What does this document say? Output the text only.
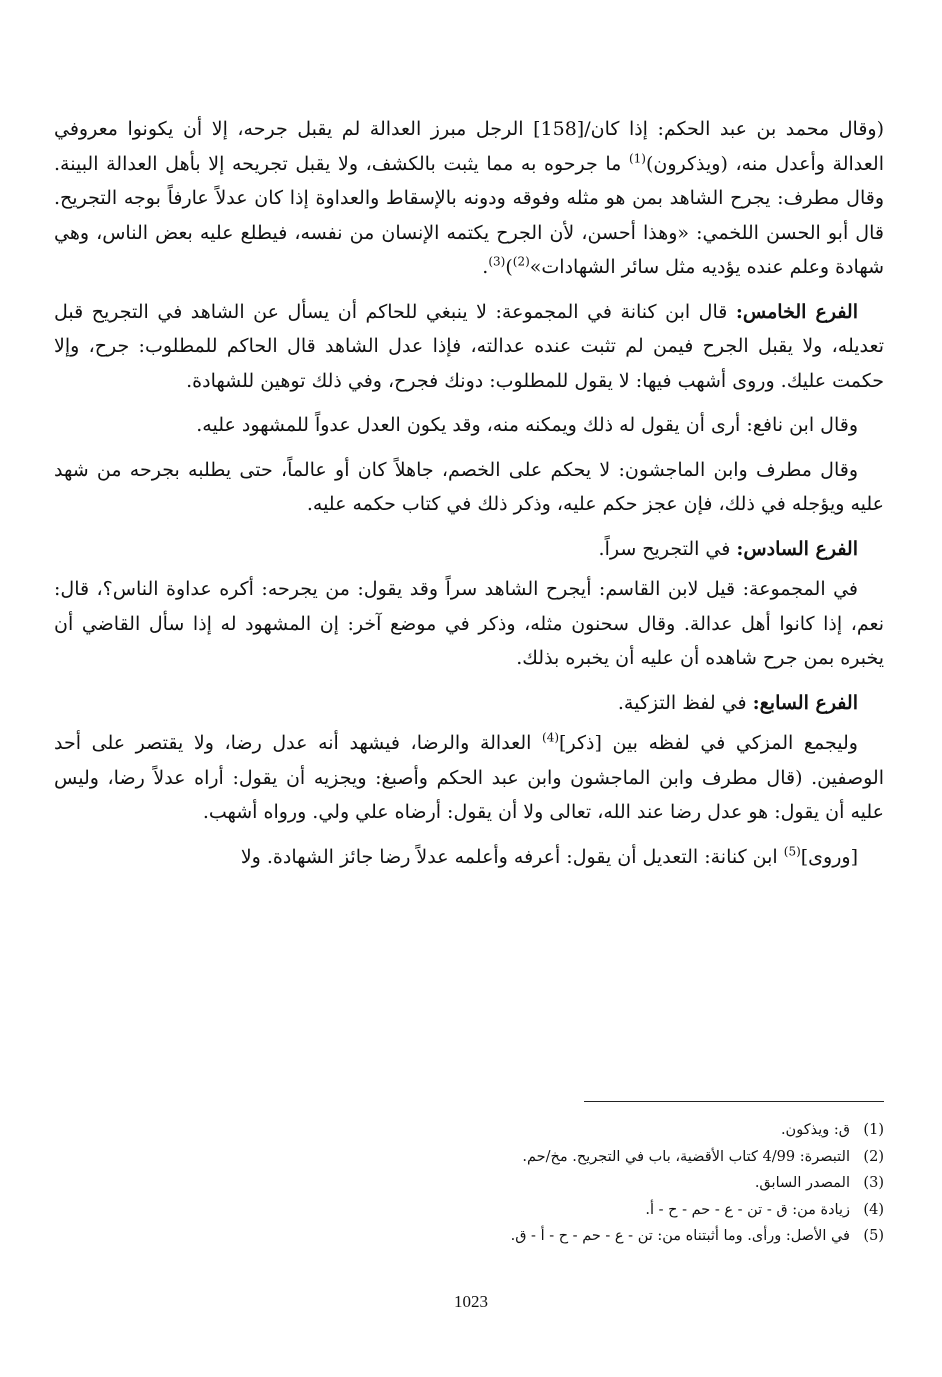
(وقال محمد بن عبد الحكم: إذا كان/[158] الرجل مبرز العدالة لم يقبل جرحه، إلا أن يكونوا معروفي العدالة وأعدل منه، (ويذكرون)$^{(1)}$ ما جرحوه به مما يثبت بالكشف، ولا يقبل تجريحه إلا بأهل العدالة البينة. وقال مطرف: يجرح الشاهد بمن هو مثله وفوقه ودونه بالإسقاط والعداوة إذا كان عدلاً عارفاً بوجه التجريح. قال أبو الحسن اللخمي: «وهذا أحسن، لأن الجرح يكتمه الإنسان من نفسه، فيطلع عليه بعض الناس، وهي شهادة وعلم عنده يؤديه مثل سائر الشهادات»$^{(2)}$)$^{(3)}$.

الفرع الخامس: قال ابن كنانة في المجموعة: لا ينبغي للحاكم أن يسأل عن الشاهد في التجريح قبل تعديله، ولا يقبل الجرح فيمن لم تثبت عنده عدالته، فإذا عدل الشاهد قال الحاكم للمطلوب: جرح، وإلا حكمت عليك. وروى أشهب فيها: لا يقول للمطلوب: دونك فجرح، وفي ذلك توهين للشهادة.

وقال ابن نافع: أرى أن يقول له ذلك ويمكنه منه، وقد يكون العدل عدواً للمشهود عليه.

وقال مطرف وابن الماجشون: لا يحكم على الخصم، جاهلاً كان أو عالماً، حتى يطلبه بجرحه من شهد عليه ويؤجله في ذلك، فإن عجز حكم عليه، وذكر ذلك في كتاب حكمه عليه.

الفرع السادس: في التجريح سراً.

في المجموعة: قيل لابن القاسم: أيجرح الشاهد سراً وقد يقول: من يجرحه: أكره عداوة الناس؟، قال: نعم، إذا كانوا أهل عدالة. وقال سحنون مثله، وذكر في موضع آخر: إن المشهود له إذا سأل القاضي أن يخبره بمن جرح شاهده أن عليه أن يخبره بذلك.

الفرع السابع: في لفظ التزكية.

وليجمع المزكي في لفظه بين [ذكر]$^{(4)}$ العدالة والرضا، فيشهد أنه عدل رضا، ولا يقتصر على أحد الوصفين. (قال مطرف وابن الماجشون وابن عبد الحكم وأصبغ: ويجزيه أن يقول: أراه عدلاً رضا، وليس عليه أن يقول: هو عدل رضا عند الله، تعالى ولا أن يقول: أرضاه علي ولي. ورواه أشهب.

[وروى]$^{(5)}$ ابن كنانة: التعديل أن يقول: أعرفه وأعلمه عدلاً رضا جائز الشهادة. ولا

(1)
ق: ويذكون.
(2)
التبصرة: 4/99 كتاب الأقضية، باب في التجريح. مخ/حم.
(3)
المصدر السابق.
(4)
زيادة من: ق - تن - ع - حم - ح - أ.
(5)
في الأصل: ورأى. وما أثبتناه من: تن - ع - حم - ح - أ - ق.
1023
